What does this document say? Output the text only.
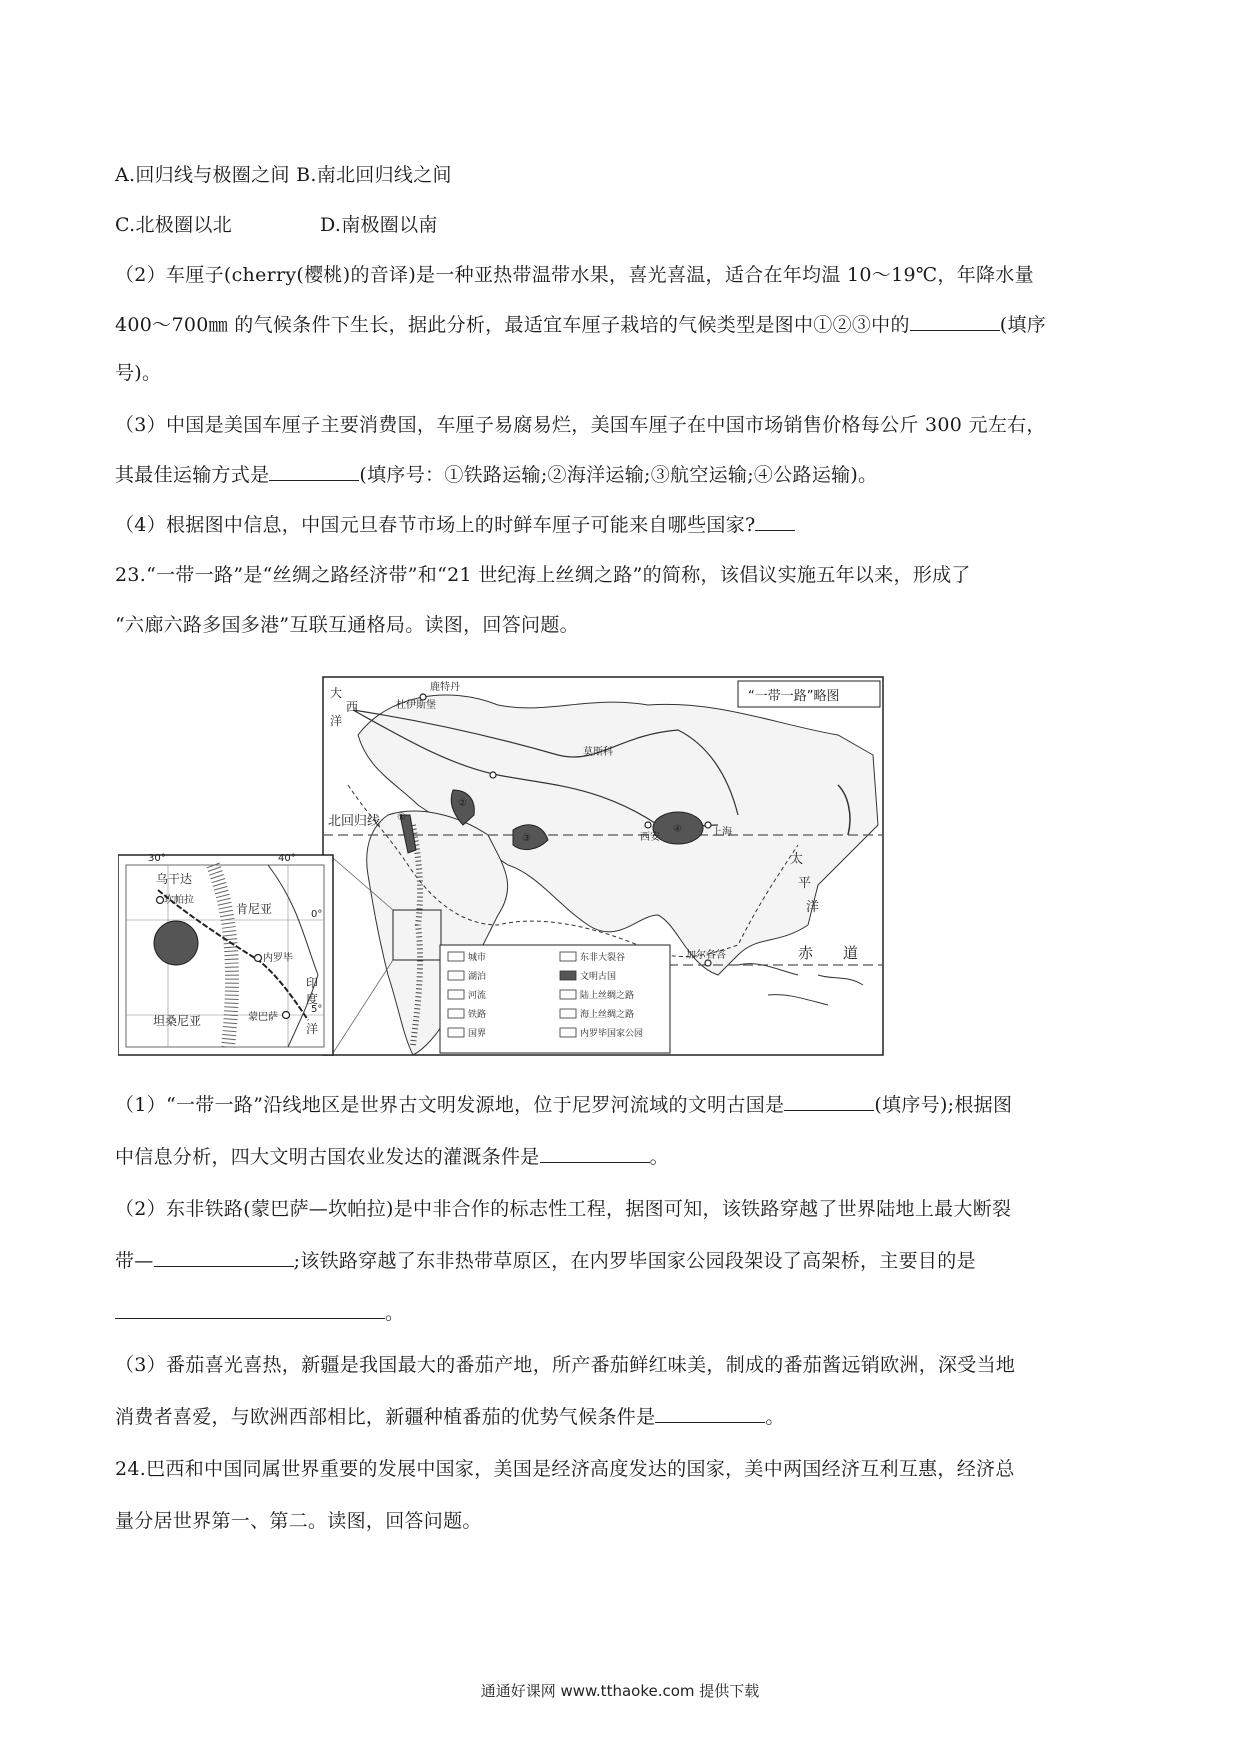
A.回归线与极圈之间 B.南北回归线之间
C.北极圈以北	D.南极圈以南
（2）车厘子(cherry(樱桃)的音译)是一种亚热带温带水果，喜光喜温，适合在年均温 10～19℃，年降水量
400～700㎜ 的气候条件下生长，据此分析，最适宜车厘子栽培的气候类型是图中①②③中的	(填序
号)。
（3）中国是美国车厘子主要消费国，车厘子易腐易烂，美国车厘子在中国市场销售价格每公斤 300 元左右，
其最佳运输方式是	(填序号：①铁路运输;②海洋运输;③航空运输;④公路运输)。
（4）根据图中信息，中国元旦春节市场上的时鲜车厘子可能来自哪些国家?
23.“一带一路”是“丝绸之路经济带”和“21 世纪海上丝绸之路”的简称，该倡议实施五年以来，形成了
“六廊六路多国多港”互联互通格局。读图，回答问题。
①
②
③
④
大
西
洋
鹿特丹
杜伊斯堡
莫斯科
北回归线
西安	上海
加尔各答
太
平
洋
赤 道
“一带一路”略图
城市	东非大裂谷
湖泊	文明古国
河流	陆上丝绸之路
铁路	海上丝绸之路
国界	内罗毕国家公园
30°	40°
0°
5°
乌干达
坎帕拉
肯尼亚
内罗毕
坦桑尼亚	蒙巴萨
印
度
洋
（1）“一带一路”沿线地区是世界古文明发源地，位于尼罗河流域的文明古国是	(填序号);根据图
中信息分析，四大文明古国农业发达的灌溉条件是	。
（2）东非铁路(蒙巴萨—坎帕拉)是中非合作的标志性工程，据图可知，该铁路穿越了世界陆地上最大断裂
带—	;该铁路穿越了东非热带草原区，在内罗毕国家公园段架设了高架桥，主要目的是
。
（3）番茄喜光喜热，新疆是我国最大的番茄产地，所产番茄鲜红味美，制成的番茄酱远销欧洲，深受当地
消费者喜爱，与欧洲西部相比，新疆种植番茄的优势气候条件是	。
24.巴西和中国同属世界重要的发展中国家，美国是经济高度发达的国家，美中两国经济互利互惠，经济总
量分居世界第一、第二。读图，回答问题。
通通好课网 www.tthaoke.com 提供下载
